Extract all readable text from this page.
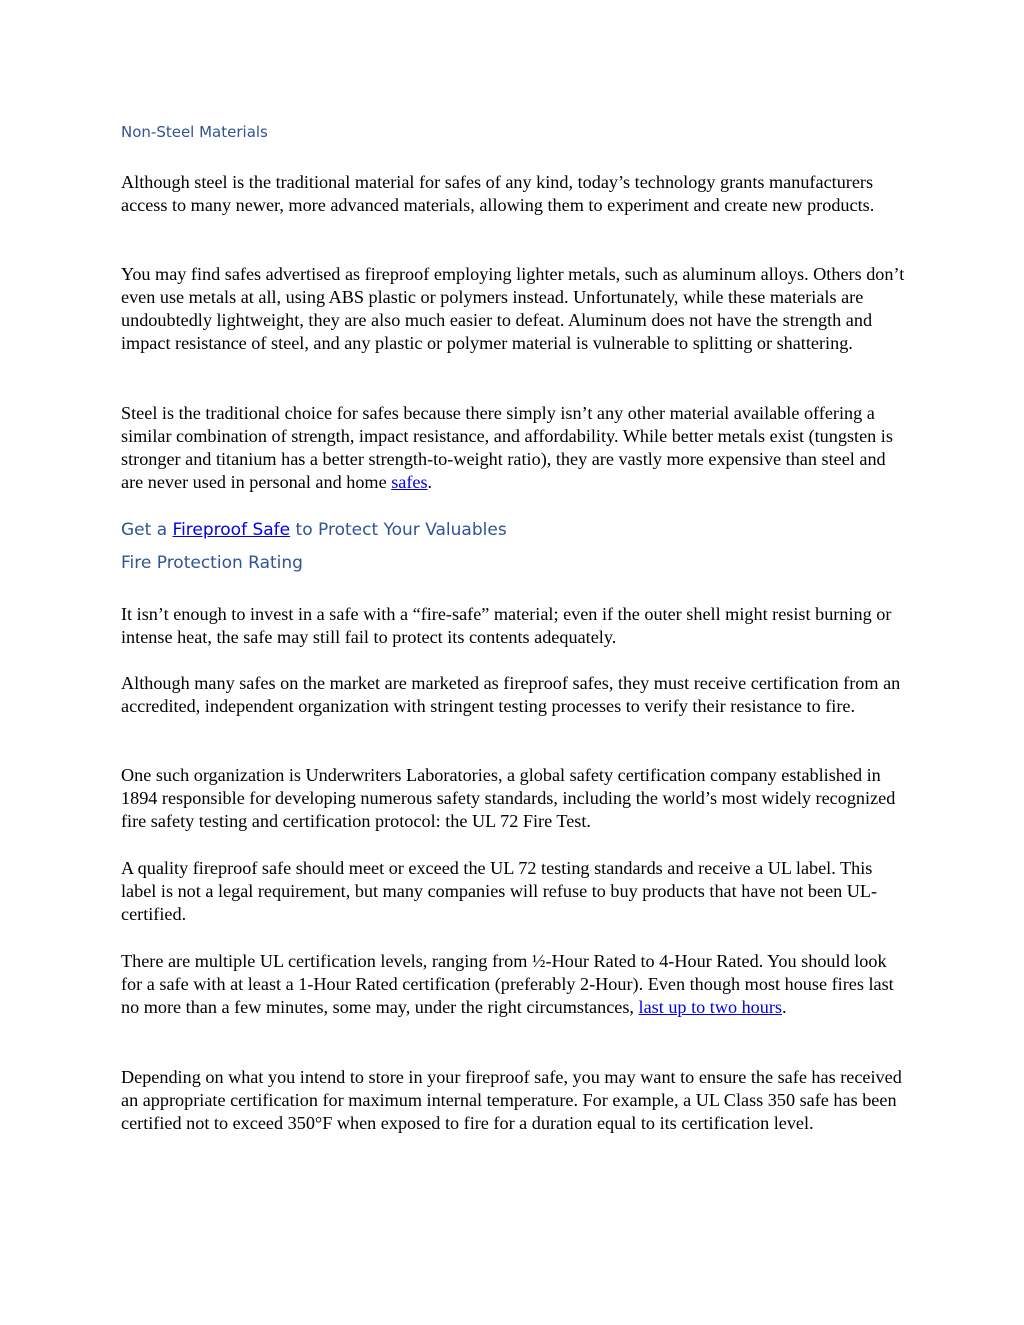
Non-Steel Materials

Although steel is the traditional material for safes of any kind, today’s technology grants manufacturers access to many newer, more advanced materials, allowing them to experiment and create new products.

You may find safes advertised as fireproof employing lighter metals, such as aluminum alloys. Others don’t even use metals at all, using ABS plastic or polymers instead. Unfortunately, while these materials are undoubtedly lightweight, they are also much easier to defeat. Aluminum does not have the strength and impact resistance of steel, and any plastic or polymer material is vulnerable to splitting or shattering.

Steel is the traditional choice for safes because there simply isn’t any other material available offering a similar combination of strength, impact resistance, and affordability. While better metals exist (tungsten is stronger and titanium has a better strength-to-weight ratio), they are vastly more expensive than steel and are never used in personal and home safes.

Get a Fireproof Safe to Protect Your Valuables
Fire Protection Rating

It isn’t enough to invest in a safe with a “fire-safe” material; even if the outer shell might resist burning or intense heat, the safe may still fail to protect its contents adequately.

Although many safes on the market are marketed as fireproof safes, they must receive certification from an accredited, independent organization with stringent testing processes to verify their resistance to fire.

One such organization is Underwriters Laboratories, a global safety certification company established in 1894 responsible for developing numerous safety standards, including the world’s most widely recognized fire safety testing and certification protocol: the UL 72 Fire Test.

A quality fireproof safe should meet or exceed the UL 72 testing standards and receive a UL label. This label is not a legal requirement, but many companies will refuse to buy products that have not been UL-certified.

There are multiple UL certification levels, ranging from ½-Hour Rated to 4-Hour Rated. You should look for a safe with at least a 1-Hour Rated certification (preferably 2-Hour). Even though most house fires last no more than a few minutes, some may, under the right circumstances, last up to two hours.

Depending on what you intend to store in your fireproof safe, you may want to ensure the safe has received an appropriate certification for maximum internal temperature. For example, a UL Class 350 safe has been certified not to exceed 350°F when exposed to fire for a duration equal to its certification level.
